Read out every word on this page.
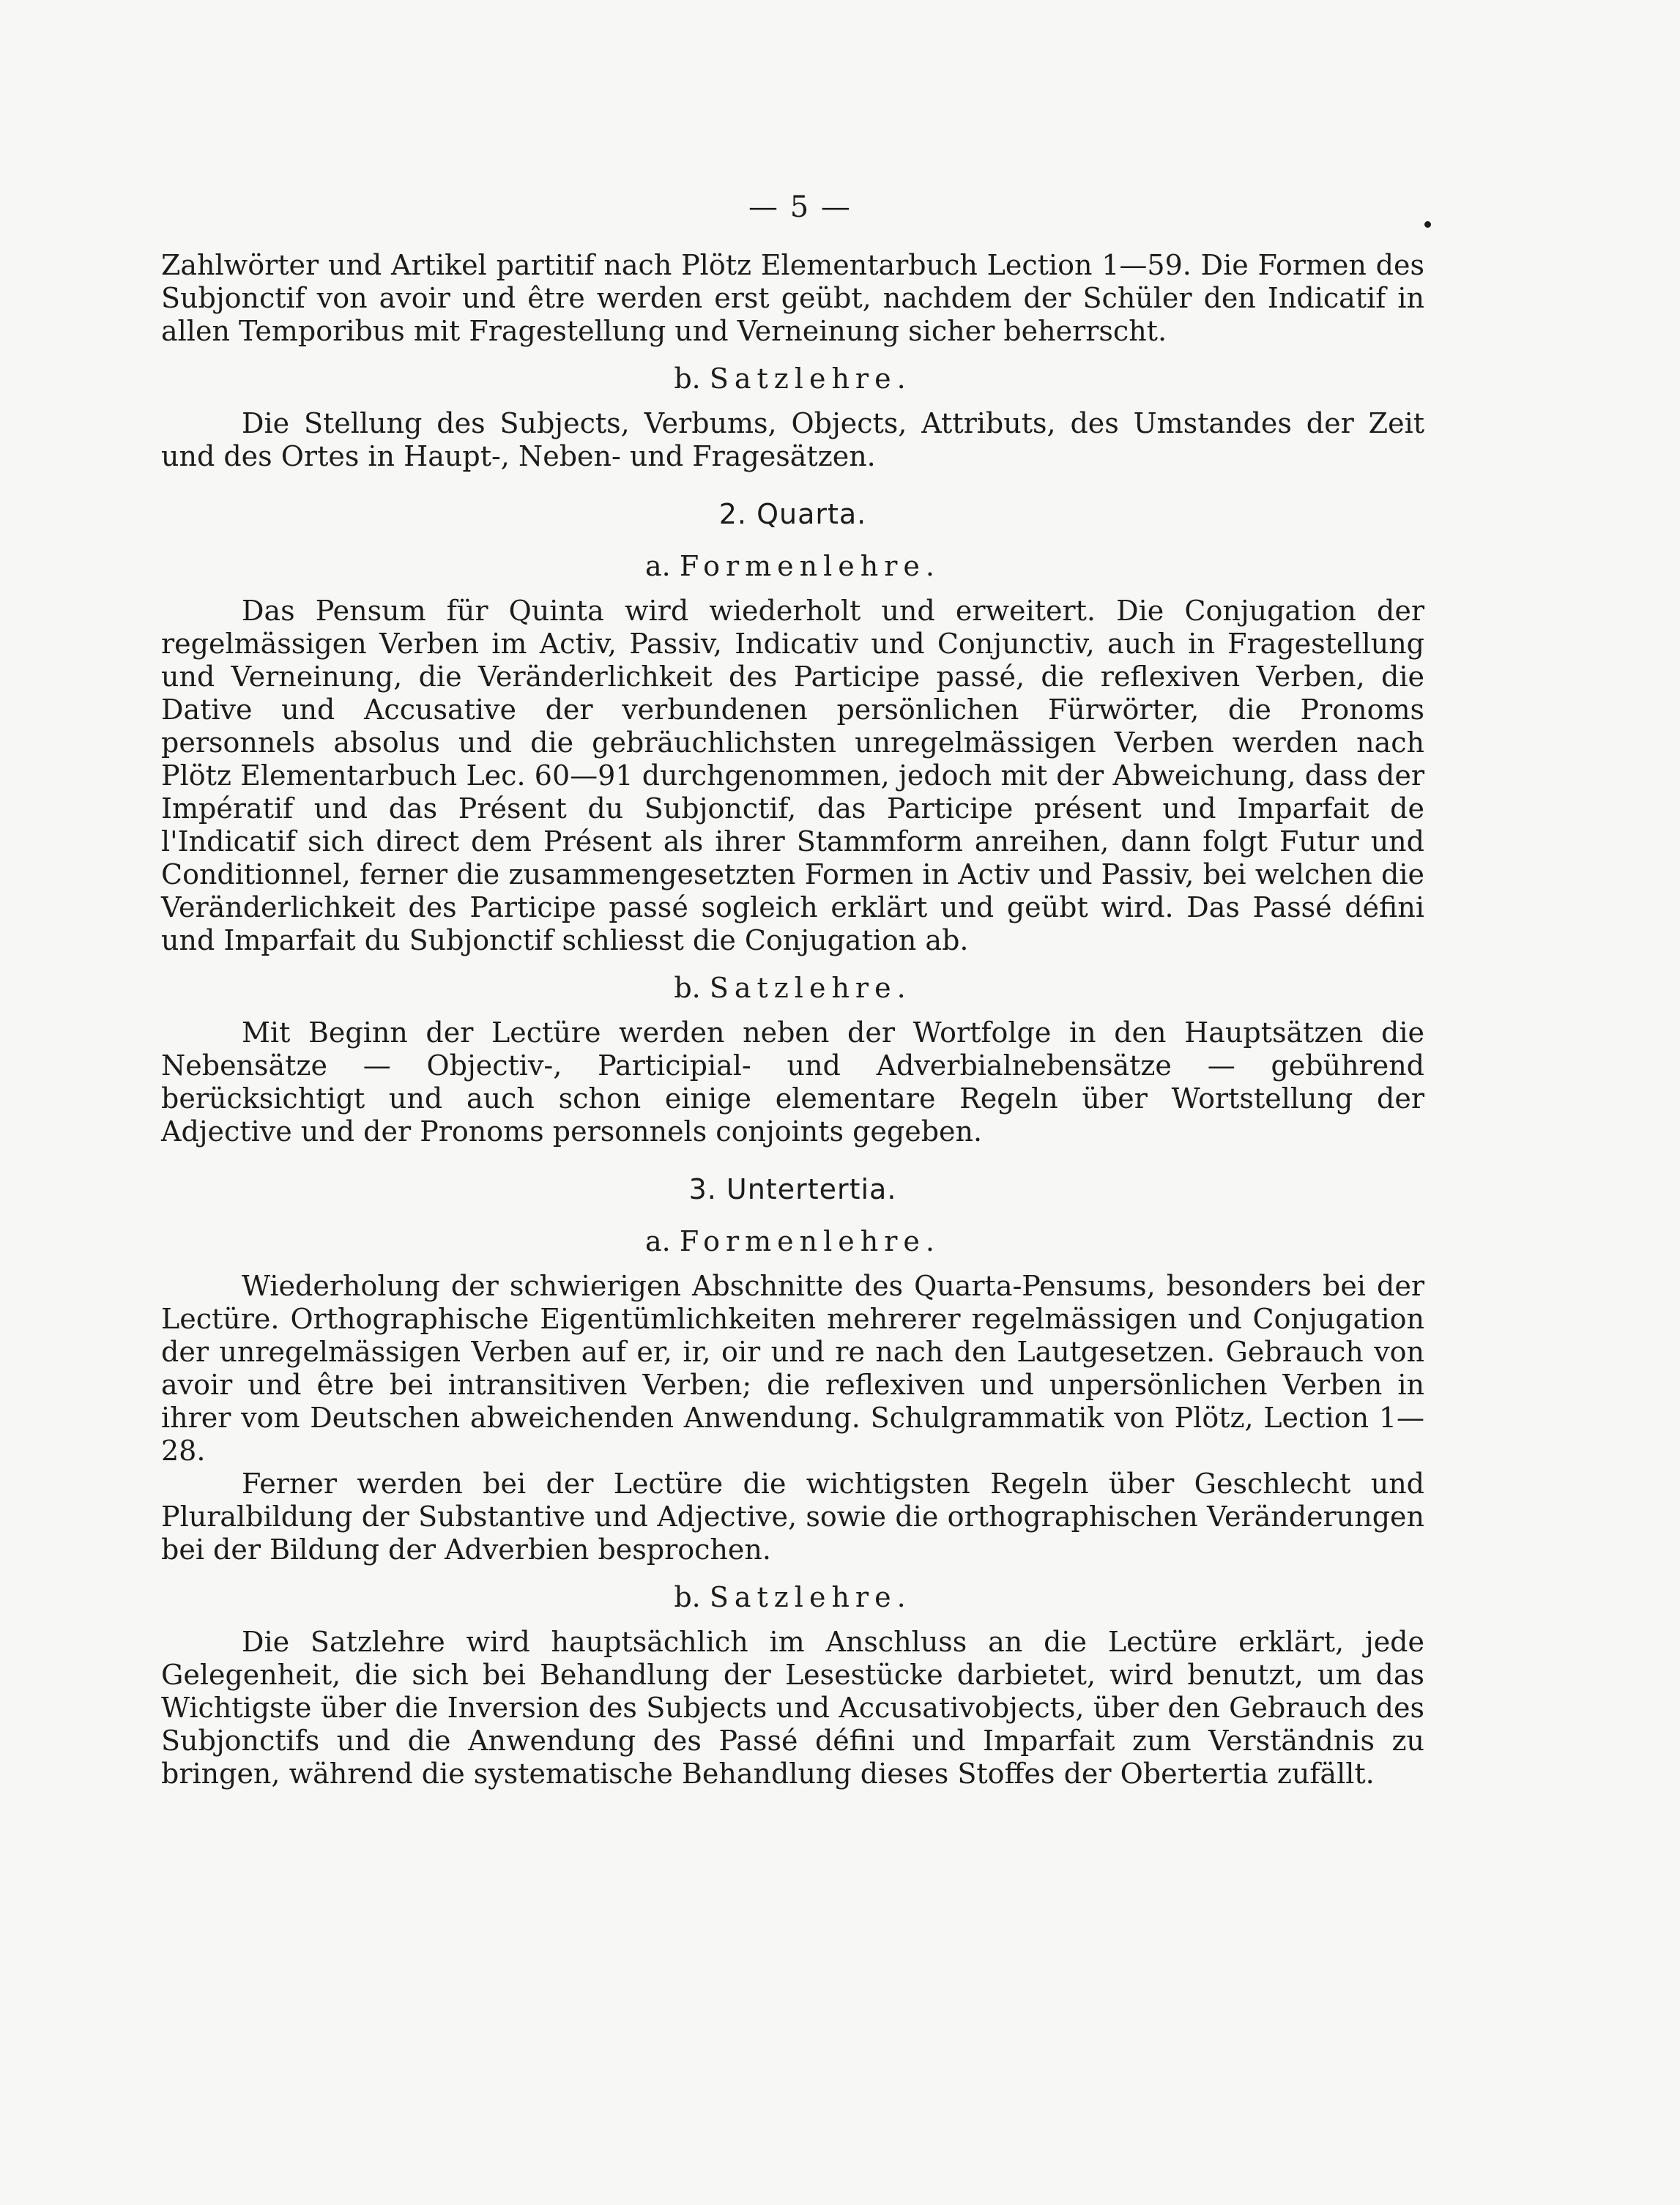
— 5 —

Zahlwörter und Artikel partitif nach Plötz Elementarbuch Lection 1—59. Die Formen des Subjonctif von avoir und être werden erst geübt, nachdem der Schüler den Indicatif in allen Temporibus mit Fragestellung und Verneinung sicher beherrscht.

b. Satzlehre.

Die Stellung des Subjects, Verbums, Objects, Attributs, des Umstandes der Zeit und des Ortes in Haupt-, Neben- und Fragesätzen.

2. Quarta.
a. Formenlehre.

Das Pensum für Quinta wird wiederholt und erweitert. Die Conjugation der regelmässigen Verben im Activ, Passiv, Indicativ und Conjunctiv, auch in Fragestellung und Verneinung, die Veränderlichkeit des Participe passé, die reflexiven Verben, die Dative und Accusative der verbundenen persönlichen Fürwörter, die Pronoms personnels absolus und die gebräuchlichsten unregelmässigen Verben werden nach Plötz Elementarbuch Lec. 60—91 durchgenommen, jedoch mit der Abweichung, dass der Impératif und das Présent du Subjonctif, das Participe présent und Imparfait de l'Indicatif sich direct dem Présent als ihrer Stammform anreihen, dann folgt Futur und Conditionnel, ferner die zusammengesetzten Formen in Activ und Passiv, bei welchen die Veränderlichkeit des Participe passé sogleich erklärt und geübt wird. Das Passé défini und Imparfait du Subjonctif schliesst die Conjugation ab.

b. Satzlehre.

Mit Beginn der Lectüre werden neben der Wortfolge in den Hauptsätzen die Nebensätze — Objectiv-, Participial- und Adverbialnebensätze — gebührend berücksichtigt und auch schon einige elementare Regeln über Wortstellung der Adjective und der Pronoms personnels conjoints gegeben.

3. Untertertia.
a. Formenlehre.

Wiederholung der schwierigen Abschnitte des Quarta-Pensums, besonders bei der Lectüre. Orthographische Eigentümlichkeiten mehrerer regelmässigen und Conjugation der unregelmässigen Verben auf er, ir, oir und re nach den Lautgesetzen. Gebrauch von avoir und être bei intransitiven Verben; die reflexiven und unpersönlichen Verben in ihrer vom Deutschen abweichenden Anwendung. Schulgrammatik von Plötz, Lection 1—28.

Ferner werden bei der Lectüre die wichtigsten Regeln über Geschlecht und Pluralbildung der Substantive und Adjective, sowie die orthographischen Veränderungen bei der Bildung der Adverbien besprochen.

b. Satzlehre.

Die Satzlehre wird hauptsächlich im Anschluss an die Lectüre erklärt, jede Gelegenheit, die sich bei Behandlung der Lesestücke darbietet, wird benutzt, um das Wichtigste über die Inversion des Subjects und Accusativobjects, über den Gebrauch des Subjonctifs und die Anwendung des Passé défini und Imparfait zum Verständnis zu bringen, während die systematische Behandlung dieses Stoffes der Obertertia zufällt.
